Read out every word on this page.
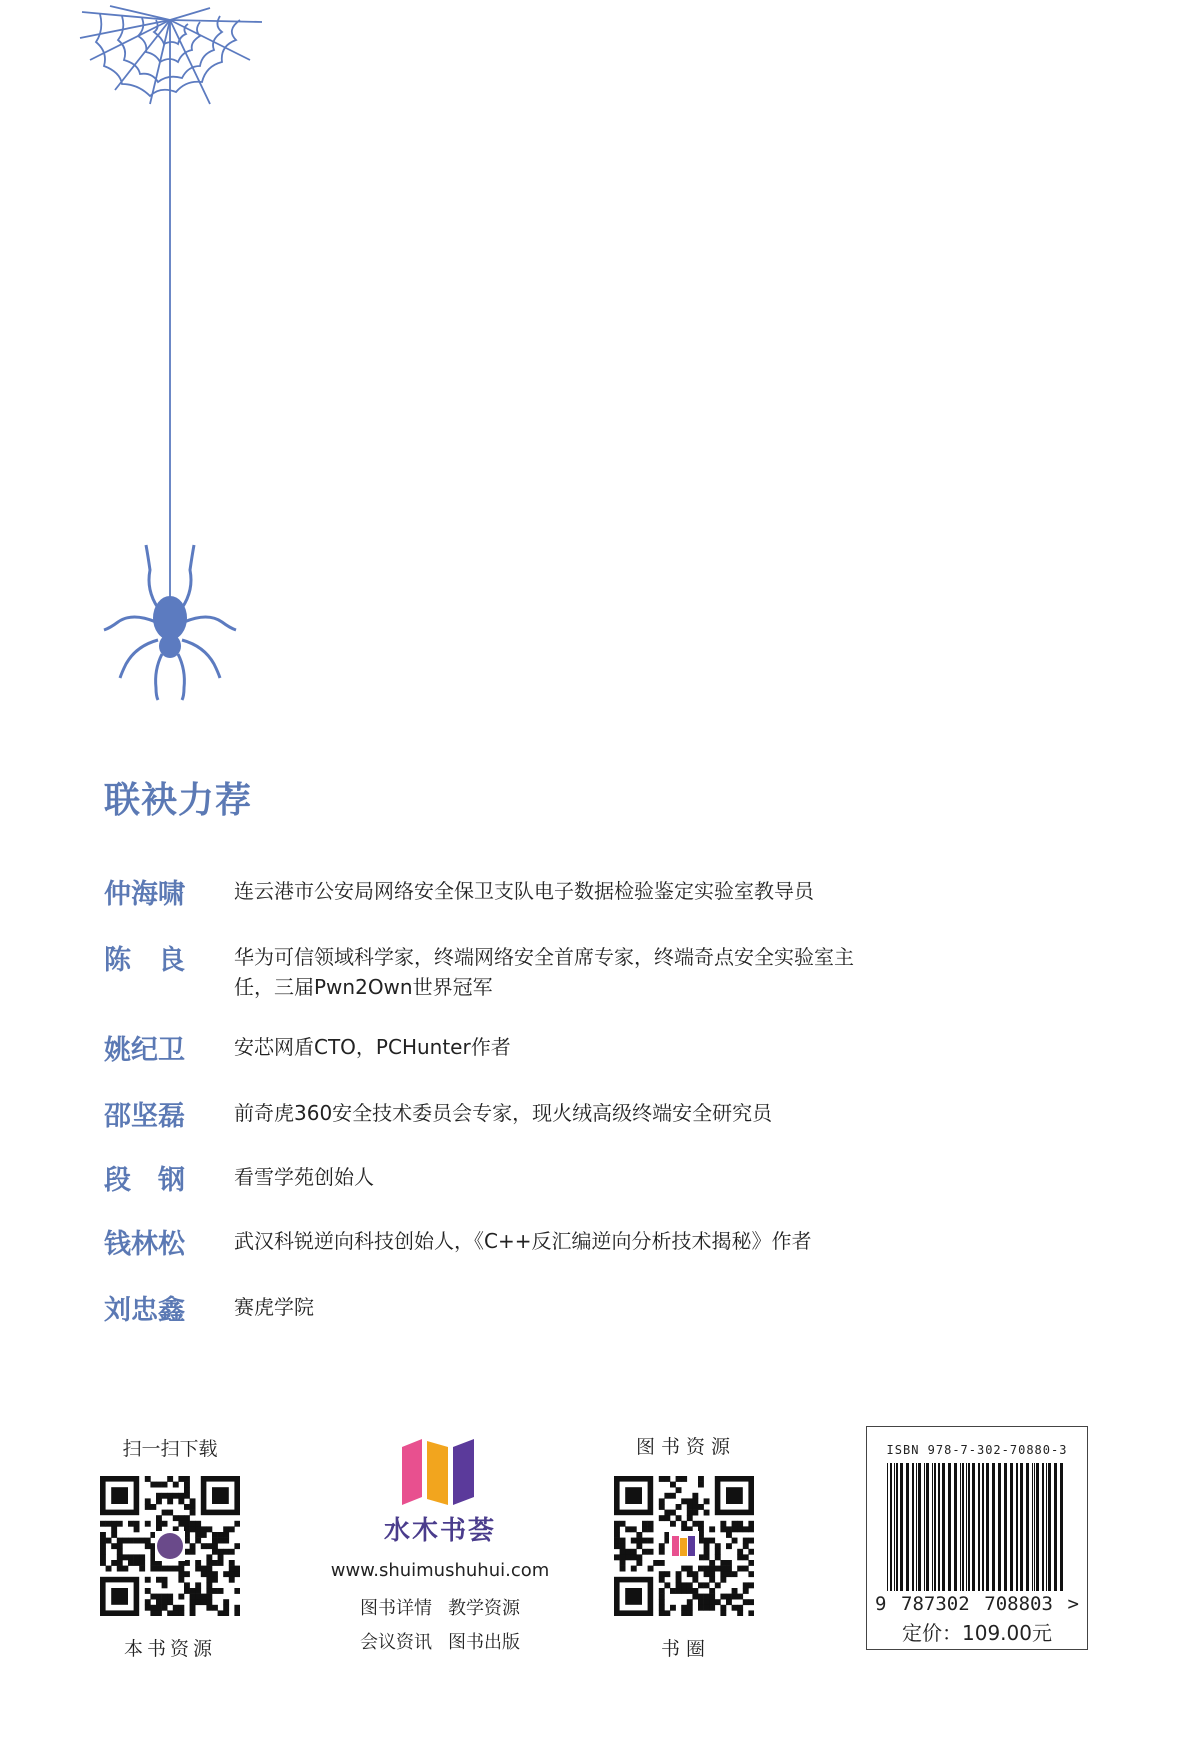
联袂力荐
仲海啸	连云港市公安局网络安全保卫支队电子数据检验鉴定实验室教导员
陈　良	华为可信领域科学家，终端网络安全首席专家，终端奇点安全实验室主任，三届Pwn2Own世界冠军
姚纪卫	安芯网盾CTO，PCHunter作者
邵坚磊	前奇虎360安全技术委员会专家，现火绒高级终端安全研究员
段　钢	看雪学苑创始人
钱林松	武汉科锐逆向科技创始人，《C++反汇编逆向分析技术揭秘》作者
刘忠鑫	赛虎学院
扫一扫下载
本书资源
水木书荟
www.shuimushuhui.com
图书详情 教学资源
会议资讯 图书出版
图 书 资 源
书 圈
ISBN 978-7-302-70880-3
9 787302 708803 >
定价：109.00元
